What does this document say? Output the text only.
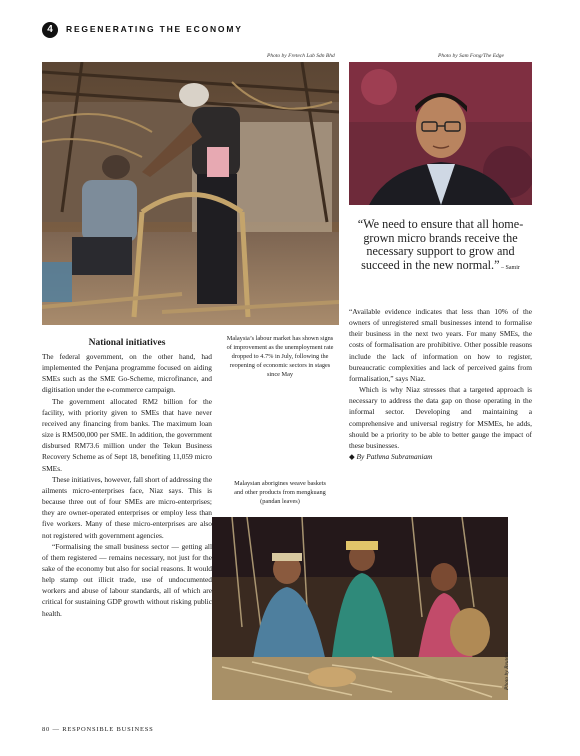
4	REGENERATING THE ECONOMY
Photo by Fretech Lab Sdn Bhd	Photo by Sam Fong/The Edge
“We need to ensure that all home-grown micro brands receive the necessary support to grow and succeed in the new normal.” – Samir
National initiatives

The federal government, on the other hand, had implemented the Penjana programme focused on aiding SMEs such as the SME Go-Scheme, microfinance, and digitisation under the e-commerce campaign.

The government allocated RM2 billion for the facility, with priority given to SMEs that have never received any financing from banks. The maximum loan size is RM500,000 per SME. In addition, the government disbursed RM73.6 million under the Tekun Business Recovery Scheme as of Sept 18, benefiting 11,059 micro SMEs.

These initiatives, however, fall short of addressing the ailments micro-enterprises face, Niaz says. This is because three out of four SMEs are micro-enterprises; they are owner-operated enterprises or employ less than five workers. Many of these micro-enterprises are also not registered with government agencies.

“Formalising the small business sector — getting all of them registered — remains necessary, not just for the sake of the economy but also for social reasons. It would help stamp out illicit trade, use of undocumented workers and abuse of labour standards, all of which are critical for sustaining GDP growth without risking public health.

Malaysia’s labour market has shown signs of improvement as the unemployment rate dropped to 4.7% in July, following the reopening of economic sectors in stages since May
Malaysian aborigines weave baskets and other products from mengkuang (pandan leaves)

“Available evidence indicates that less than 10% of the owners of unregistered small businesses intend to formalise their business in the next two years. For many SMEs, the costs of formalisation are prohibitive. Other possible reasons include the lack of information on how to register, bureaucratic complexities and lack of perceived gains from formalisation,” says Niaz.

Which is why Niaz stresses that a targeted approach is necessary to address the data gap on those operating in the informal sector. Developing and maintaining a comprehensive and universal registry for MSMEs, he adds, should be a priority to be able to better gauge the impact of these businesses.

◆ By Pathma Subramaniam

Photo by Reuters
80 — RESPONSIBLE BUSINESS
